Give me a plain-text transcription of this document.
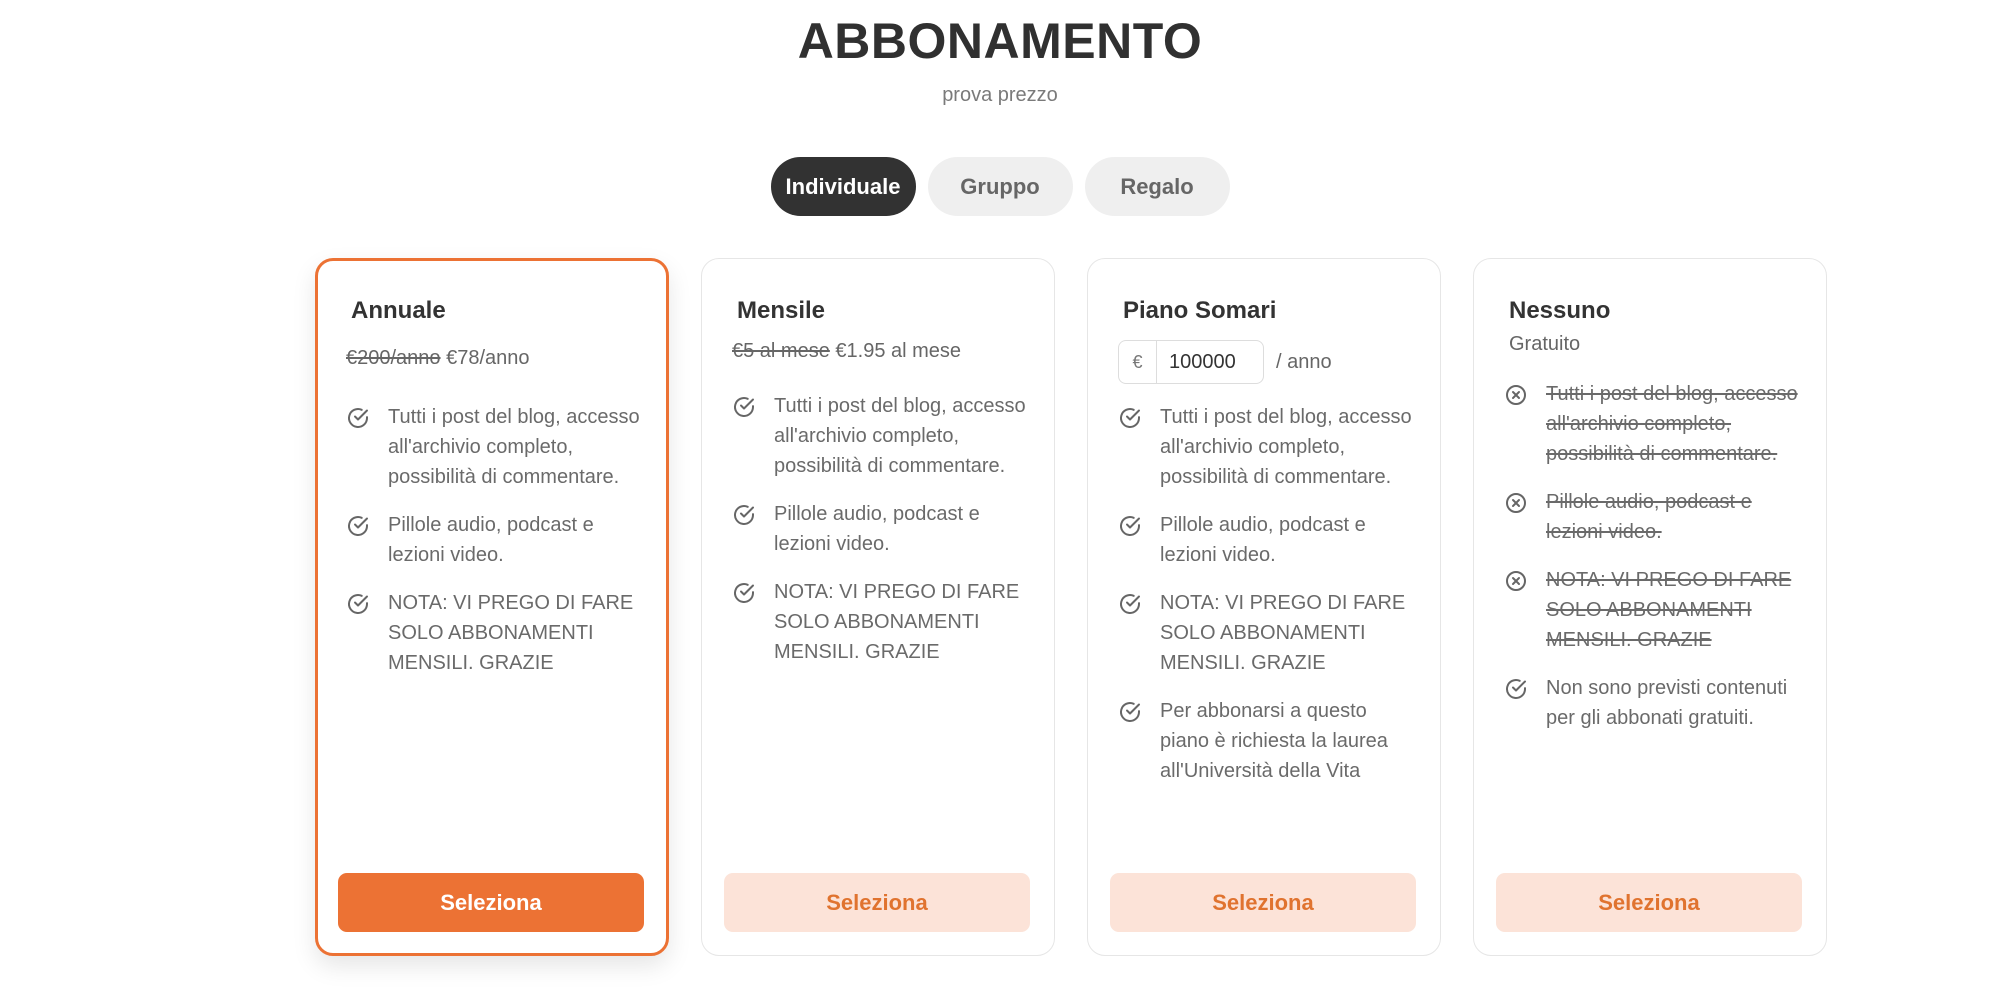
ABBONAMENTO
prova prezzo
Individuale	Gruppo	Regalo
Annuale
€200/anno €78/anno
Tutti i post del blog, accesso all'archivio completo, possibilità di commentare.
Pillole audio, podcast e lezioni video.
NOTA: VI PREGO DI FARE SOLO ABBONAMENTI MENSILI. GRAZIE
Seleziona
Mensile
€5 al mese €1.95 al mese
Tutti i post del blog, accesso all'archivio completo, possibilità di commentare.
Pillole audio, podcast e lezioni video.
NOTA: VI PREGO DI FARE SOLO ABBONAMENTI MENSILI. GRAZIE
Seleziona
Piano Somari
€
100000	/ anno
Tutti i post del blog, accesso all'archivio completo, possibilità di commentare.
Pillole audio, podcast e lezioni video.
NOTA: VI PREGO DI FARE SOLO ABBONAMENTI MENSILI. GRAZIE
Per abbonarsi a questo piano è richiesta la laurea all'Università della Vita
Seleziona
Nessuno
Gratuito
Tutti i post del blog, accesso all'archivio completo, possibilità di commentare.
Pillole audio, podcast e lezioni video.
NOTA: VI PREGO DI FARE SOLO ABBONAMENTI MENSILI. GRAZIE
Non sono previsti contenuti per gli abbonati gratuiti.
Seleziona
